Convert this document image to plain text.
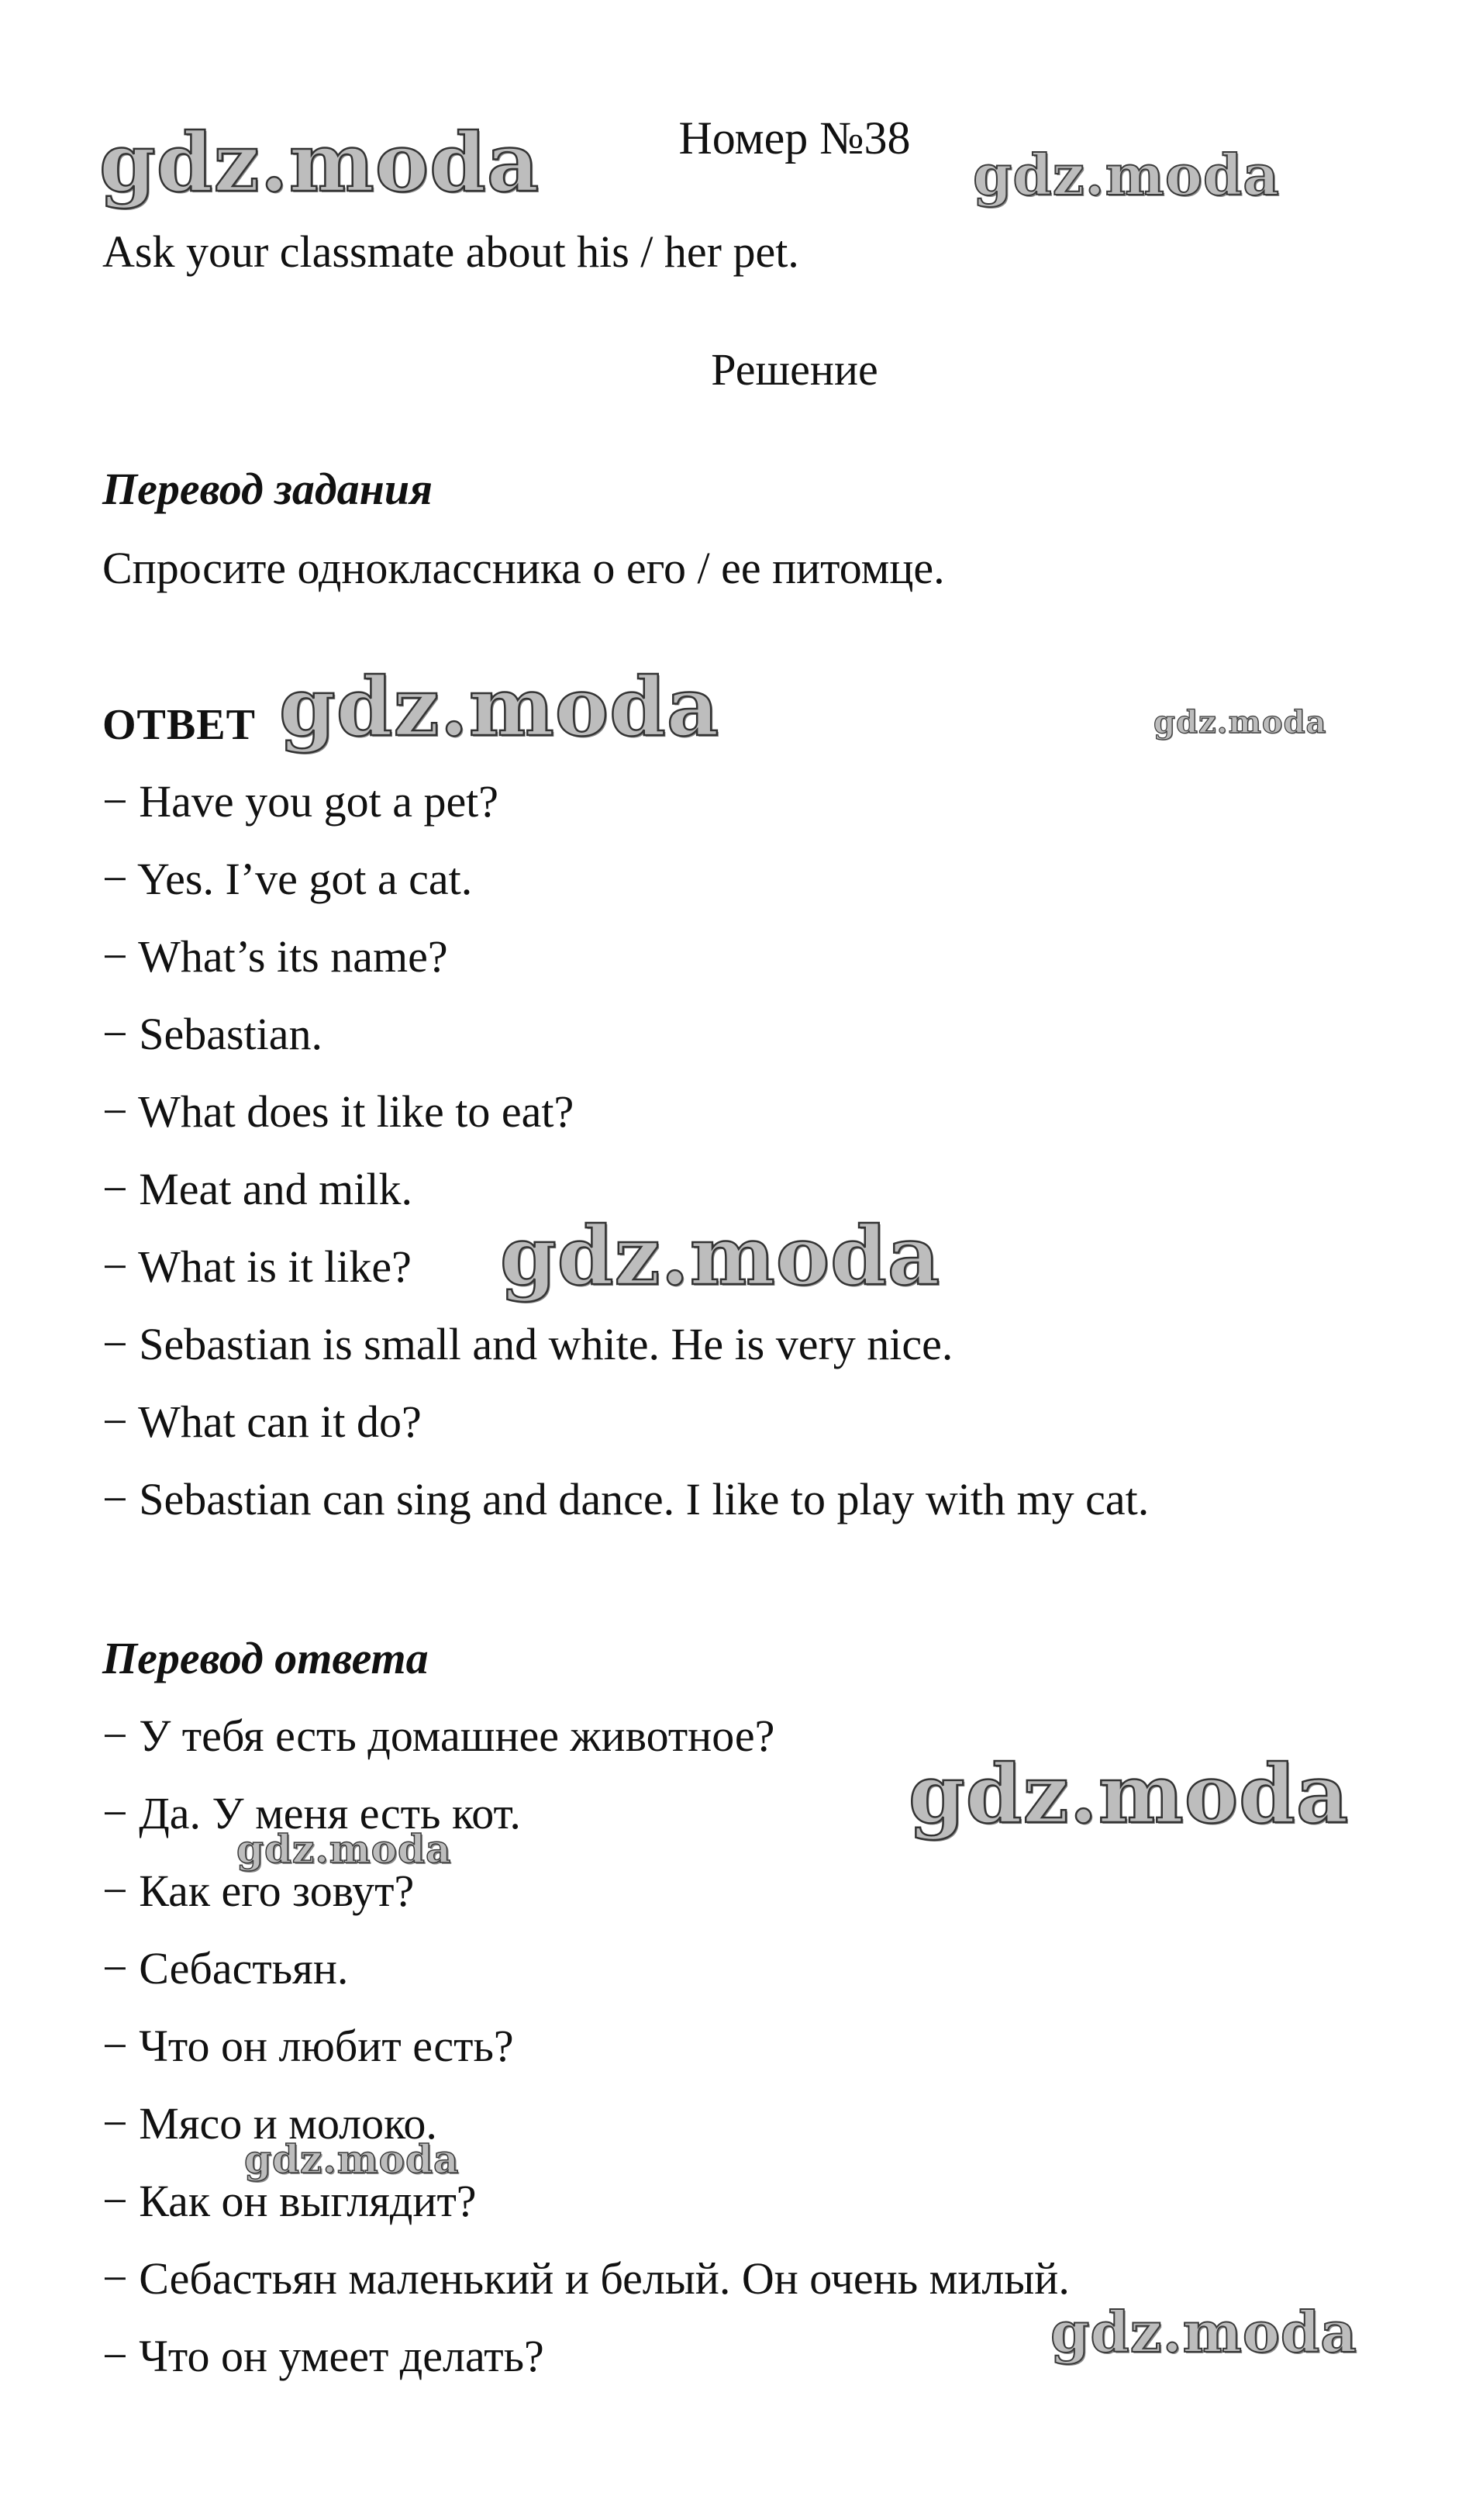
Номер №38
Ask your classmate about his / her pet.
Решение
Перевод задания
Спросите одноклассника о его / ее питомце.
ОТВЕТ
− Have you got a pet?
− Yes. I’ve got a cat.
− What’s its name?
− Sebastian.
− What does it like to eat?
− Meat and milk.
− What is it like?
− Sebastian is small and white. He is very nice.
− What can it do?
− Sebastian can sing and dance. I like to play with my cat.
Перевод ответа
− У тебя есть домашнее животное?
− Да. У меня есть кот.
− Как его зовут?
− Себастьян.
− Что он любит есть?
− Мясо и молоко.
− Как он выглядит?
− Себастьян маленький и белый. Он очень милый.
− Что он умеет делать?
gdz.moda	gdz.moda
gdz.moda	gdz.moda
gdz.moda
gdz.moda
gdz.moda
gdz.moda
gdz.moda
